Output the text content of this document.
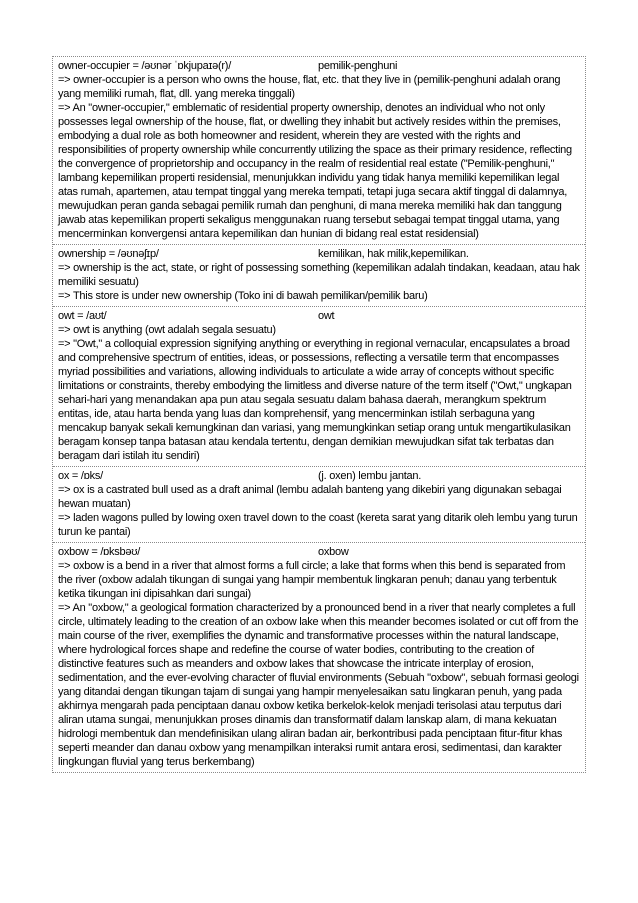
owner-occupier = /əʊnər ˈɒkjupaɪə(r)/	pemilik-penghuni
=> owner-occupier is a person who owns the house, flat, etc. that they live in (pemilik-penghuni adalah orang yang memiliki rumah, flat, dll. yang mereka tinggali)
=> An "owner-occupier," emblematic of residential property ownership, denotes an individual who not only possesses legal ownership of the house, flat, or dwelling they inhabit but actively resides within the premises, embodying a dual role as both homeowner and resident, wherein they are vested with the rights and responsibilities of property ownership while concurrently utilizing the space as their primary residence, reflecting the convergence of proprietorship and occupancy in the realm of residential real estate ("Pemilik-penghuni," lambang kepemilikan properti residensial, menunjukkan individu yang tidak hanya memiliki kepemilikan legal atas rumah, apartemen, atau tempat tinggal yang mereka tempati, tetapi juga secara aktif tinggal di dalamnya, mewujudkan peran ganda sebagai pemilik rumah dan penghuni, di mana mereka memiliki hak dan tanggung jawab atas kepemilikan properti sekaligus menggunakan ruang tersebut sebagai tempat tinggal utama, yang mencerminkan konvergensi antara kepemilikan dan hunian di bidang real estat residensial)
ownership = /əʊnəʃɪp/	kemilikan, hak milik,kepemilikan.
=> ownership is the act, state, or right of possessing something (kepemilikan adalah tindakan, keadaan, atau hak memiliki sesuatu)
=> This store is under new ownership (Toko ini di bawah pemilikan/pemilik baru)
owt = /aʊt/	owt
=> owt is anything (owt adalah segala sesuatu)
=> "Owt," a colloquial expression signifying anything or everything in regional vernacular, encapsulates a broad and comprehensive spectrum of entities, ideas, or possessions, reflecting a versatile term that encompasses myriad possibilities and variations, allowing individuals to articulate a wide array of concepts without specific limitations or constraints, thereby embodying the limitless and diverse nature of the term itself ("Owt," ungkapan sehari-hari yang menandakan apa pun atau segala sesuatu dalam bahasa daerah, merangkum spektrum entitas, ide, atau harta benda yang luas dan komprehensif, yang mencerminkan istilah serbaguna yang mencakup banyak sekali kemungkinan dan variasi, yang memungkinkan setiap orang untuk mengartikulasikan beragam konsep tanpa batasan atau kendala tertentu, dengan demikian mewujudkan sifat tak terbatas dan beragam dari istilah itu sendiri)
ox = /ɒks/	(j. oxen) lembu jantan.
=> ox is a castrated bull used as a draft animal (lembu adalah banteng yang dikebiri yang digunakan sebagai hewan muatan)
=> laden wagons pulled by lowing oxen travel down to the coast (kereta sarat yang ditarik oleh lembu yang turun turun ke pantai)
oxbow = /ɒksbəʊ/	oxbow
=> oxbow is a bend in a river that almost forms a full circle; a lake that forms when this bend is separated from the river (oxbow adalah tikungan di sungai yang hampir membentuk lingkaran penuh; danau yang terbentuk ketika tikungan ini dipisahkan dari sungai)
=> An "oxbow," a geological formation characterized by a pronounced bend in a river that nearly completes a full circle, ultimately leading to the creation of an oxbow lake when this meander becomes isolated or cut off from the main course of the river, exemplifies the dynamic and transformative processes within the natural landscape, where hydrological forces shape and redefine the course of water bodies, contributing to the creation of distinctive features such as meanders and oxbow lakes that showcase the intricate interplay of erosion, sedimentation, and the ever-evolving character of fluvial environments (Sebuah "oxbow", sebuah formasi geologi yang ditandai dengan tikungan tajam di sungai yang hampir menyelesaikan satu lingkaran penuh, yang pada akhirnya mengarah pada penciptaan danau oxbow ketika berkelok-kelok menjadi terisolasi atau terputus dari aliran utama sungai, menunjukkan proses dinamis dan transformatif dalam lanskap alam, di mana kekuatan hidrologi membentuk dan mendefinisikan ulang aliran badan air, berkontribusi pada penciptaan fitur-fitur khas seperti meander dan danau oxbow yang menampilkan interaksi rumit antara erosi, sedimentasi, dan karakter lingkungan fluvial yang terus berkembang)
